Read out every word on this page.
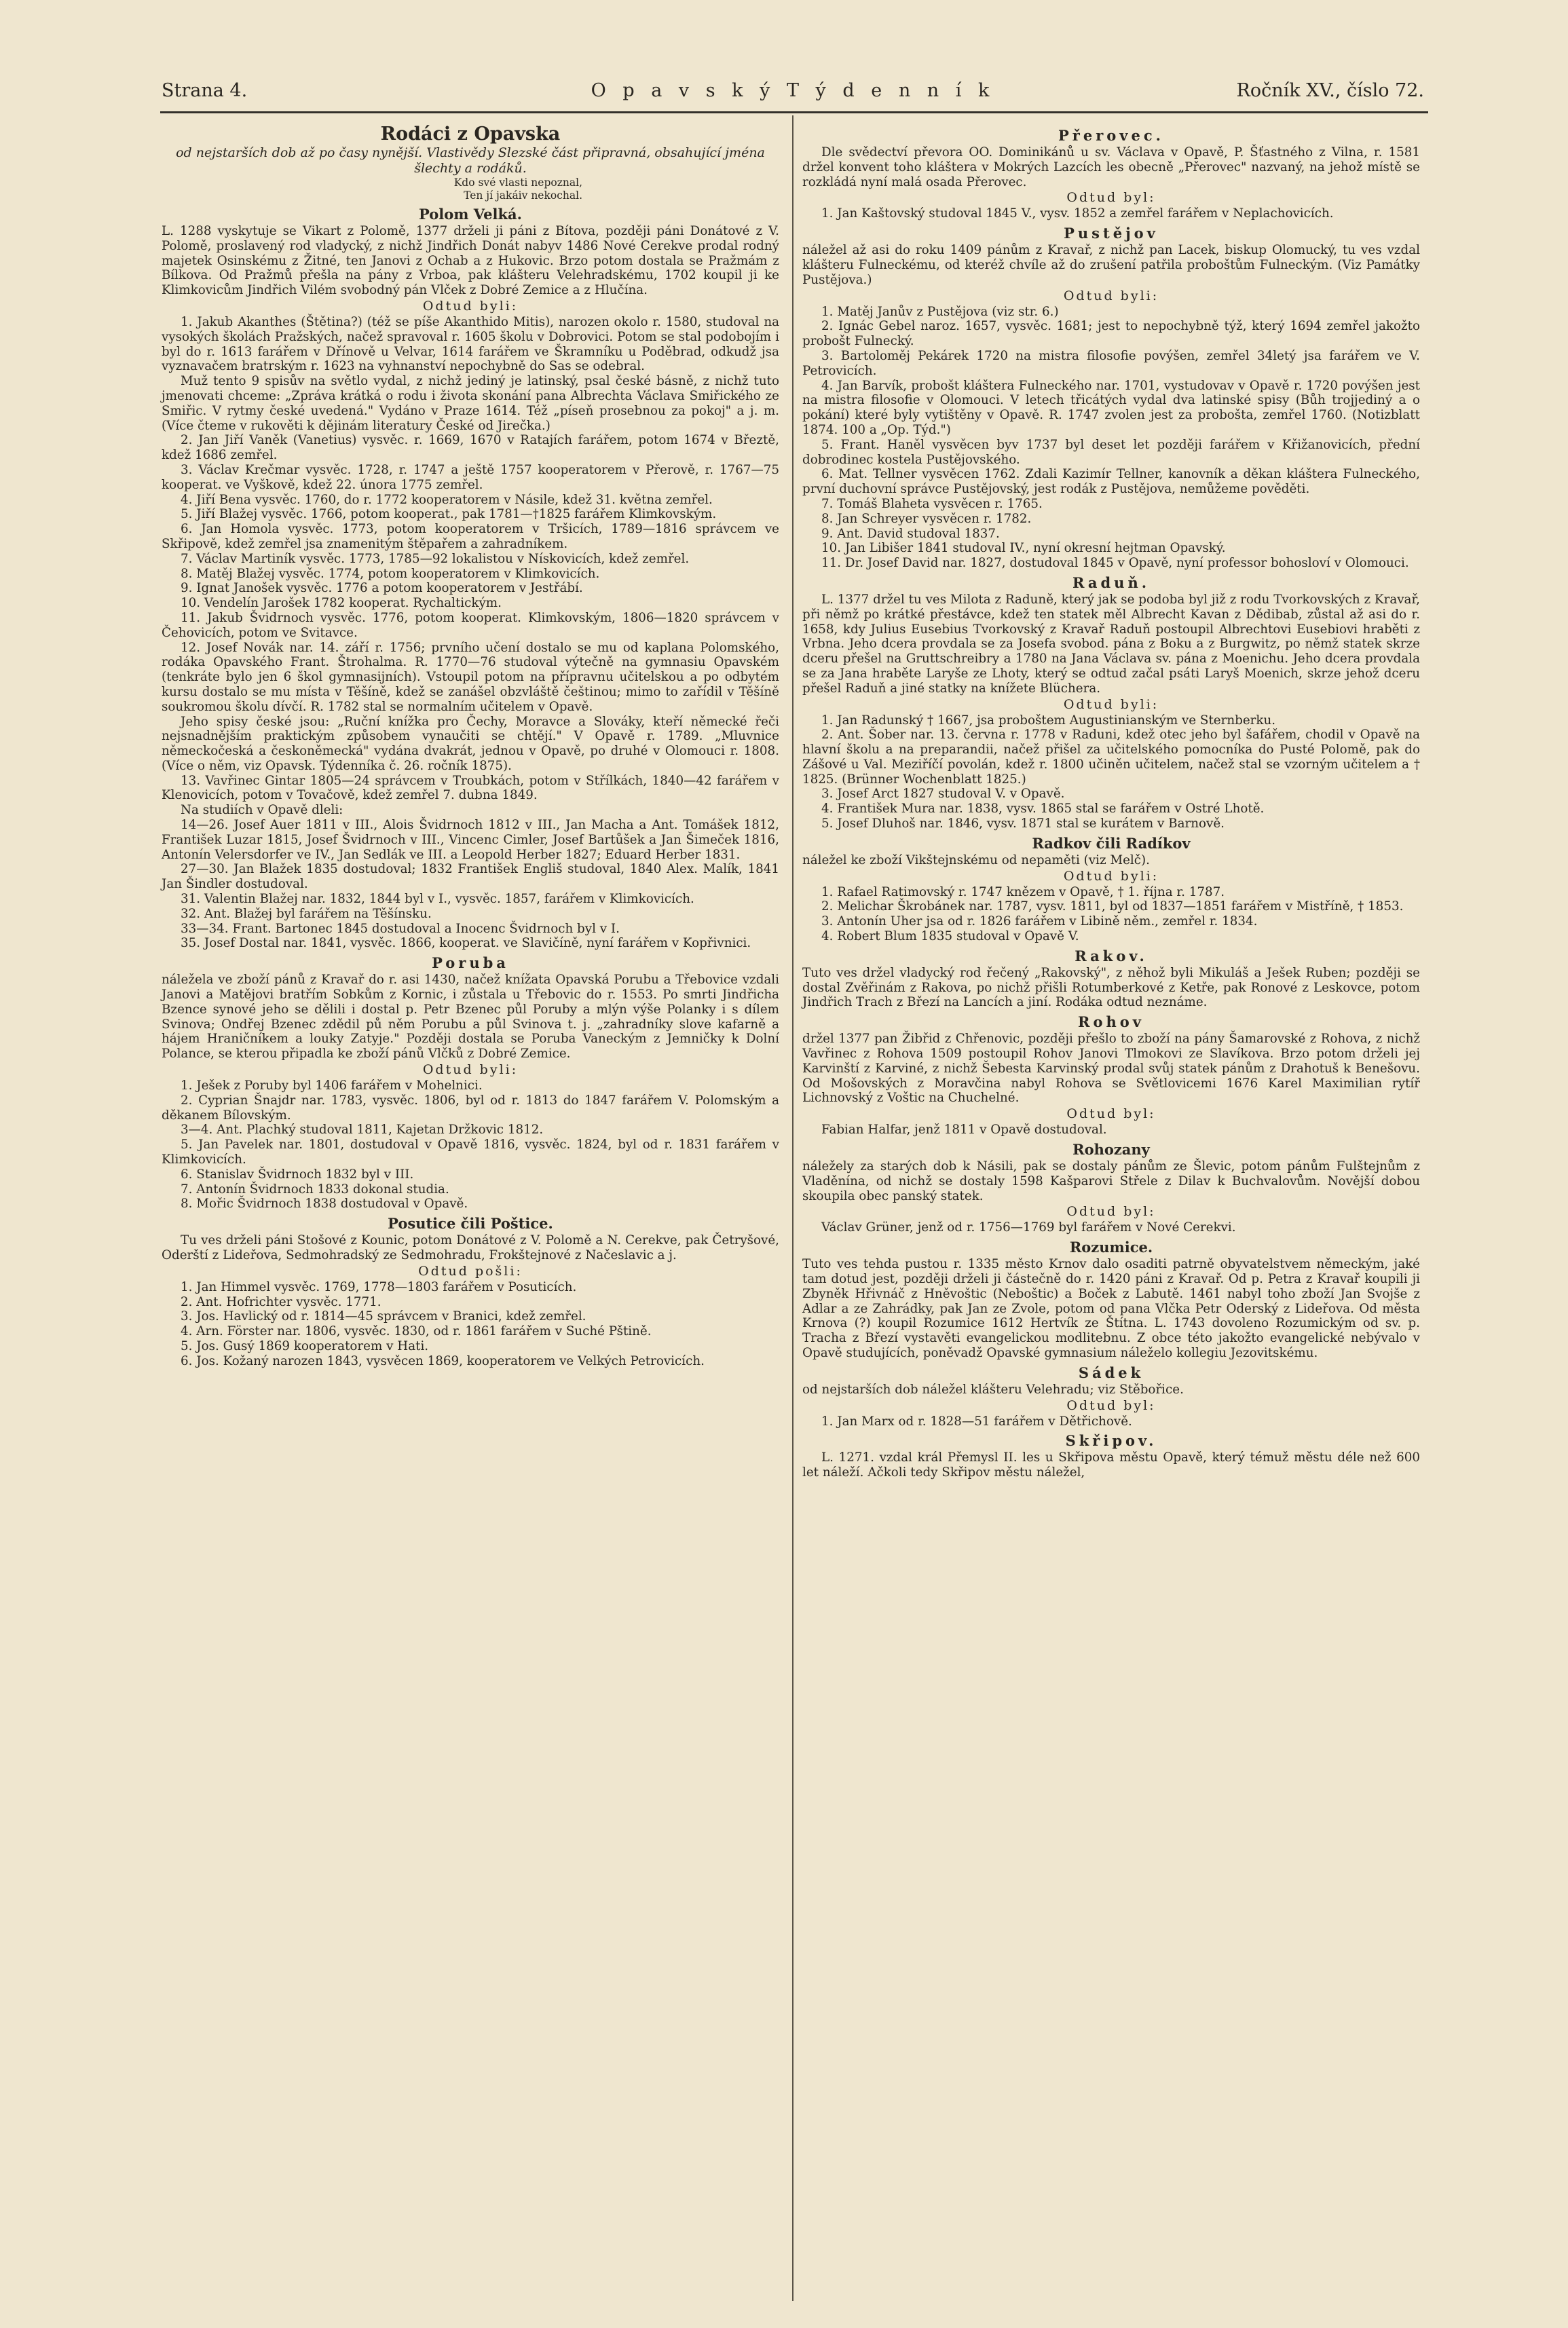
Strana 4.	O p a v s k ý T ý d e n n í k	Ročník XV., číslo 72.
Rodáci z Opavska
od nejstarších dob až po časy nynější. Vlastivědy Slezské část připravná, obsahující jména šlechty a rodáků.
Kdo své vlasti nepoznal,
Ten jí jakáiv nekochal.
Polom Velká.

L. 1288 vyskytuje se Vikart z Polomě, 1377 drželi ji páni z Bítova, později páni Donátové z V. Polomě, proslavený rod vladycký, z nichž Jindřich Donát nabyv 1486 Nové Cerekve prodal rodný majetek Osinskému z Žitné, ten Janovi z Ochab a z Hukovic. Brzo potom dostala se Pražmám z Bílkova. Od Pražmů přešla na pány z Vrboa, pak klášteru Velehradskému, 1702 koupil ji ke Klimkovicům Jindřich Vilém svobodný pán Vlček z Dobré Zemice a z Hlučína.

Odtud byli:

1. Jakub Akanthes (Štětina?) (též se píše Akanthido Mitis), narozen okolo r. 1580, studoval na vysokých školách Pražských, načež spravoval r. 1605 školu v Dobrovici. Potom se stal podobojím i byl do r. 1613 farářem v Dřínově u Velvar, 1614 farářem ve Škramníku u Poděbrad, odkudž jsa vyznavačem bratrským r. 1623 na vyhnanství nepochybně do Sas se odebral.

Muž tento 9 spisův na světlo vydal, z nichž jediný je latinský, psal české básně, z nichž tuto jmenovati chceme: „Zpráva krátká o rodu i života skonání pana Albrechta Václava Smiřického ze Smiřic. V rytmy české uvedená." Vydáno v Praze 1614. Též „píseň prosebnou za pokoj" a j. m. (Více čteme v rukověti k dějinám literatury České od Jirečka.)

2. Jan Jiří Vaněk (Vanetius) vysvěc. r. 1669, 1670 v Ratajích farářem, potom 1674 v Březtě, kdež 1686 zemřel.

3. Václav Krečmar vysvěc. 1728, r. 1747 a ještě 1757 kooperatorem v Přerově, r. 1767—75 kooperat. ve Vyškově, kdež 22. února 1775 zemřel.

4. Jiří Bena vysvěc. 1760, do r. 1772 kooperatorem v Násile, kdež 31. května zemřel.

5. Jiří Blažej vysvěc. 1766, potom kooperat., pak 1781—†1825 farářem Klimkovským.

6. Jan Homola vysvěc. 1773, potom kooperatorem v Tršicích, 1789—1816 správcem ve Skřipově, kdež zemřel jsa znamenitým štěpařem a zahradníkem.

7. Václav Martiník vysvěc. 1773, 1785—92 lokalistou v Nískovicích, kdež zemřel.

8. Matěj Blažej vysvěc. 1774, potom kooperatorem v Klimkovicích.

9. Ignat Janošek vysvěc. 1776 a potom kooperatorem v Jestřábí.

10. Vendelín Jarošek 1782 kooperat. Rychaltickým.

11. Jakub Švidrnoch vysvěc. 1776, potom kooperat. Klimkovským, 1806—1820 správcem v Čehovicích, potom ve Svitavce.

12. Josef Novák nar. 14. září r. 1756; prvního učení dostalo se mu od kaplana Polomského, rodáka Opavského Frant. Štrohalma. R. 1770—76 studoval výtečně na gymnasiu Opavském (tenkráte bylo jen 6 škol gymnasijních). Vstoupil potom na přípravnu učitelskou a po odbytém kursu dostalo se mu místa v Těšíně, kdež se zanášel obzvláště češtinou; mimo to zařídil v Těšíně soukromou školu dívčí. R. 1782 stal se normalním učitelem v Opavě.

Jeho spisy české jsou: „Ruční knížka pro Čechy, Moravce a Slováky, kteří německé řeči nejsnadnějším praktickým způsobem vynaučiti se chtějí." V Opavě r. 1789. „Mluvnice německočeská a českoněmecká" vydána dvakrát, jednou v Opavě, po druhé v Olomouci r. 1808. (Více o něm, viz Opavsk. Týdenníka č. 26. ročník 1875).

13. Vavřinec Gintar 1805—24 správcem v Troubkách, potom v Střílkách, 1840—42 farářem v Klenovicích, potom v Tovačově, kdež zemřel 7. dubna 1849.

Na studiích v Opavě dleli:

14—26. Josef Auer 1811 v III., Alois Švidrnoch 1812 v III., Jan Macha a Ant. Tomášek 1812, František Luzar 1815, Josef Švidrnoch v III., Vincenc Cimler, Josef Bartůšek a Jan Šimeček 1816, Antonín Velersdorfer ve IV., Jan Sedlák ve III. a Leopold Herber 1827; Eduard Herber 1831.

27—30. Jan Blažek 1835 dostudoval; 1832 František Engliš studoval, 1840 Alex. Malík, 1841 Jan Šindler dostudoval.

31. Valentin Blažej nar. 1832, 1844 byl v I., vysvěc. 1857, farářem v Klimkovicích.

32. Ant. Blažej byl farářem na Těšínsku.

33—34. Frant. Bartonec 1845 dostudoval a Inocenc Švidrnoch byl v I.

35. Josef Dostal nar. 1841, vysvěc. 1866, kooperat. ve Slavičíně, nyní farářem v Kopřivnici.

Poruba

náležela ve zboží pánů z Kravař do r. asi 1430, načež knížata Opavská Porubu a Třebovice vzdali Janovi a Matějovi bratřím Sobkům z Kornic, i zůstala u Třebovic do r. 1553. Po smrti Jindřicha Bzence synové jeho se dělili i dostal p. Petr Bzenec půl Poruby a mlýn výše Polanky i s dílem Svinova; Ondřej Bzenec zdědil pů něm Porubu a půl Svinova t. j. „zahradníky slove kafarně a hájem Hraničníkem a louky Zatyje." Později dostala se Poruba Vaneckým z Jemničky k Dolní Polance, se kterou připadla ke zboží pánů Vlčků z Dobré Zemice.

Odtud byli:

1. Ješek z Poruby byl 1406 farářem v Mohelnici.

2. Cyprian Šnajdr nar. 1783, vysvěc. 1806, byl od r. 1813 do 1847 farářem V. Polomským a děkanem Bílovským.

3—4. Ant. Plachký studoval 1811, Kajetan Držkovic 1812.

5. Jan Pavelek nar. 1801, dostudoval v Opavě 1816, vysvěc. 1824, byl od r. 1831 farářem v Klimkovicích.

6. Stanislav Švidrnoch 1832 byl v III.

7. Antonín Švidrnoch 1833 dokonal studia.

8. Mořic Švidrnoch 1838 dostudoval v Opavě.

Posutice čili Poštice.

Tu ves drželi páni Stošové z Kounic, potom Donátové z V. Polomě a N. Cerekve, pak Četryšové, Oderští z Lideřova, Sedmohradský ze Sedmohradu, Frokštejnové z Načeslavic a j.

Odtud pošli:

1. Jan Himmel vysvěc. 1769, 1778—1803 farářem v Posuticích.

2. Ant. Hofrichter vysvěc. 1771.

3. Jos. Havlický od r. 1814—45 správcem v Branici, kdež zemřel.

4. Arn. Förster nar. 1806, vysvěc. 1830, od r. 1861 farářem v Suché Pštině.

5. Jos. Gusý 1869 kooperatorem v Hati.

6. Jos. Kožaný narozen 1843, vysvěcen 1869, kooperatorem ve Velkých Petrovicích.

Přerovec.

Dle svědectví převora OO. Dominikánů u sv. Václava v Opavě, P. Šťastného z Vilna, r. 1581 držel konvent toho kláštera v Mokrých Lazcích les obecně „Přerovec" nazvaný, na jehož místě se rozkládá nyní malá osada Přerovec.

Odtud byl:

1. Jan Kaštovský studoval 1845 V., vysv. 1852 a zemřel farářem v Neplachovicích.

Pustějov

náležel až asi do roku 1409 pánům z Kravař, z nichž pan Lacek, biskup Olomucký, tu ves vzdal klášteru Fulneckému, od kteréž chvíle až do zrušení patřila proboštům Fulneckým. (Viz Památky Pustějova.)

Odtud byli:

1. Matěj Janův z Pustějova (viz str. 6.)

2. Ignác Gebel naroz. 1657, vysvěc. 1681; jest to nepochybně týž, který 1694 zemřel jakožto probošt Fulnecký.

3. Bartoloměj Pekárek 1720 na mistra filosofie povýšen, zemřel 34letý jsa farářem ve V. Petrovicích.

4. Jan Barvík, probošt kláštera Fulneckého nar. 1701, vystudovav v Opavě r. 1720 povýšen jest na mistra filosofie v Olomouci. V letech třicátých vydal dva latinské spisy (Bůh trojjediný a o pokání) které byly vytištěny v Opavě. R. 1747 zvolen jest za probošta, zemřel 1760. (Notizblatt 1874. 100 a „Op. Týd.")

5. Frant. Haněl vysvěcen byv 1737 byl deset let později farářem v Křižanovicích, přední dobrodinec kostela Pustějovského.

6. Mat. Tellner vysvěcen 1762. Zdali Kazimír Tellner, kanovník a děkan kláštera Fulneckého, první duchovní správce Pustějovský, jest rodák z Pustějova, nemůžeme pověděti.

7. Tomáš Blaheta vysvěcen r. 1765.

8. Jan Schreyer vysvěcen r. 1782.

9. Ant. David studoval 1837.

10. Jan Libišer 1841 studoval IV., nyní okresní hejtman Opavský.

11. Dr. Josef David nar. 1827, dostudoval 1845 v Opavě, nyní professor bohosloví v Olomouci.

Raduň.

L. 1377 držel tu ves Milota z Raduně, který jak se podoba byl již z rodu Tvorkovských z Kravař, při němž po krátké přestávce, kdež ten statek měl Albrecht Kavan z Dědibab, zůstal až asi do r. 1658, kdy Julius Eusebius Tvorkovský z Kravař Raduň postoupil Albrechtovi Eusebiovi hraběti z Vrbna. Jeho dcera provdala se za Josefa svobod. pána z Boku a z Burgwitz, po němž statek skrze dceru přešel na Gruttschreibry a 1780 na Jana Václava sv. pána z Moenichu. Jeho dcera provdala se za Jana hraběte Laryše ze Lhoty, který se odtud začal psáti Laryš Moenich, skrze jehož dceru přešel Raduň a jiné statky na knížete Blüchera.

Odtud byli:

1. Jan Radunský † 1667, jsa proboštem Augustinianským ve Sternberku.

2. Ant. Šober nar. 13. června r. 1778 v Raduni, kdež otec jeho byl šafářem, chodil v Opavě na hlavní školu a na preparandii, načež přišel za učitelského pomocníka do Pusté Polomě, pak do Zášové u Val. Meziříčí povolán, kdež r. 1800 učiněn učitelem, načež stal se vzorným učitelem a † 1825. (Brünner Wochenblatt 1825.)

3. Josef Arct 1827 studoval V. v Opavě.

4. František Mura nar. 1838, vysv. 1865 stal se farářem v Ostré Lhotě.

5. Josef Dluhoš nar. 1846, vysv. 1871 stal se kurátem v Barnově.

Radkov čili Radíkov

náležel ke zboží Vikštejnskému od nepaměti (viz Melč).

Odtud byli:

1. Rafael Ratimovský r. 1747 knězem v Opavě, † 1. října r. 1787.

2. Melichar Škrobánek nar. 1787, vysv. 1811, byl od 1837—1851 farářem v Mistříně, † 1853.

3. Antonín Uher jsa od r. 1826 farářem v Libině něm., zemřel r. 1834.

4. Robert Blum 1835 studoval v Opavě V.

Rakov.

Tuto ves držel vladycký rod řečený „Rakovský", z něhož byli Mikuláš a Ješek Ruben; později se dostal Zvěřinám z Rakova, po nichž přišli Rotumberkové z Ketře, pak Ronové z Leskovce, potom Jindřich Trach z Březí na Lancích a jiní. Rodáka odtud neznáme.

Rohov

držel 1377 pan Žibřid z Chřenovic, později přešlo to zboží na pány Šamarovské z Rohova, z nichž Vavřinec z Rohova 1509 postoupil Rohov Janovi Tlmokovi ze Slavíkova. Brzo potom drželi jej Karvinští z Karviné, z nichž Šebesta Karvinský prodal svůj statek pánům z Drahotuš k Benešovu. Od Mošovských z Moravčina nabyl Rohova se Světlovicemi 1676 Karel Maximilian rytíř Lichnovský z Voštic na Chuchelné.

Odtud byl:

Fabian Halfar, jenž 1811 v Opavě dostudoval.

Rohozany

náležely za starých dob k Násili, pak se dostaly pánům ze Šlevic, potom pánům Fulštejnům z Vladěnína, od nichž se dostaly 1598 Kašparovi Střele z Dilav k Buchvalovům. Novější dobou skoupila obec panský statek.

Odtud byl:

Václav Grüner, jenž od r. 1756—1769 byl farářem v Nové Cerekvi.

Rozumice.

Tuto ves tehda pustou r. 1335 město Krnov dalo osaditi patrně obyvatelstvem německým, jaké tam dotud jest, později drželi ji částečně do r. 1420 páni z Kravař. Od p. Petra z Kravař koupili ji Zbyněk Hřivnáč z Hněvoštic (Neboštic) a Boček z Labutě. 1461 nabyl toho zboží Jan Svojše z Adlar a ze Zahrádky, pak Jan ze Zvole, potom od pana Vlčka Petr Oderský z Lideřova. Od města Krnova (?) koupil Rozumice 1612 Hertvík ze Štítna. L. 1743 dovoleno Rozumickým od sv. p. Tracha z Březí vystavěti evangelickou modlitebnu. Z obce této jakožto evangelické nebývalo v Opavě studujících, poněvadž Opavské gymnasium náleželo kollegiu Jezovitskému.

Sádek

od nejstarších dob náležel klášteru Velehradu; viz Stěbořice.

Odtud byl:

1. Jan Marx od r. 1828—51 farářem v Dětřichově.

Skřipov.

L. 1271. vzdal král Přemysl II. les u Skřipova městu Opavě, který témuž městu déle než 600 let náleží. Ačkoli tedy Skřipov městu náležel,
